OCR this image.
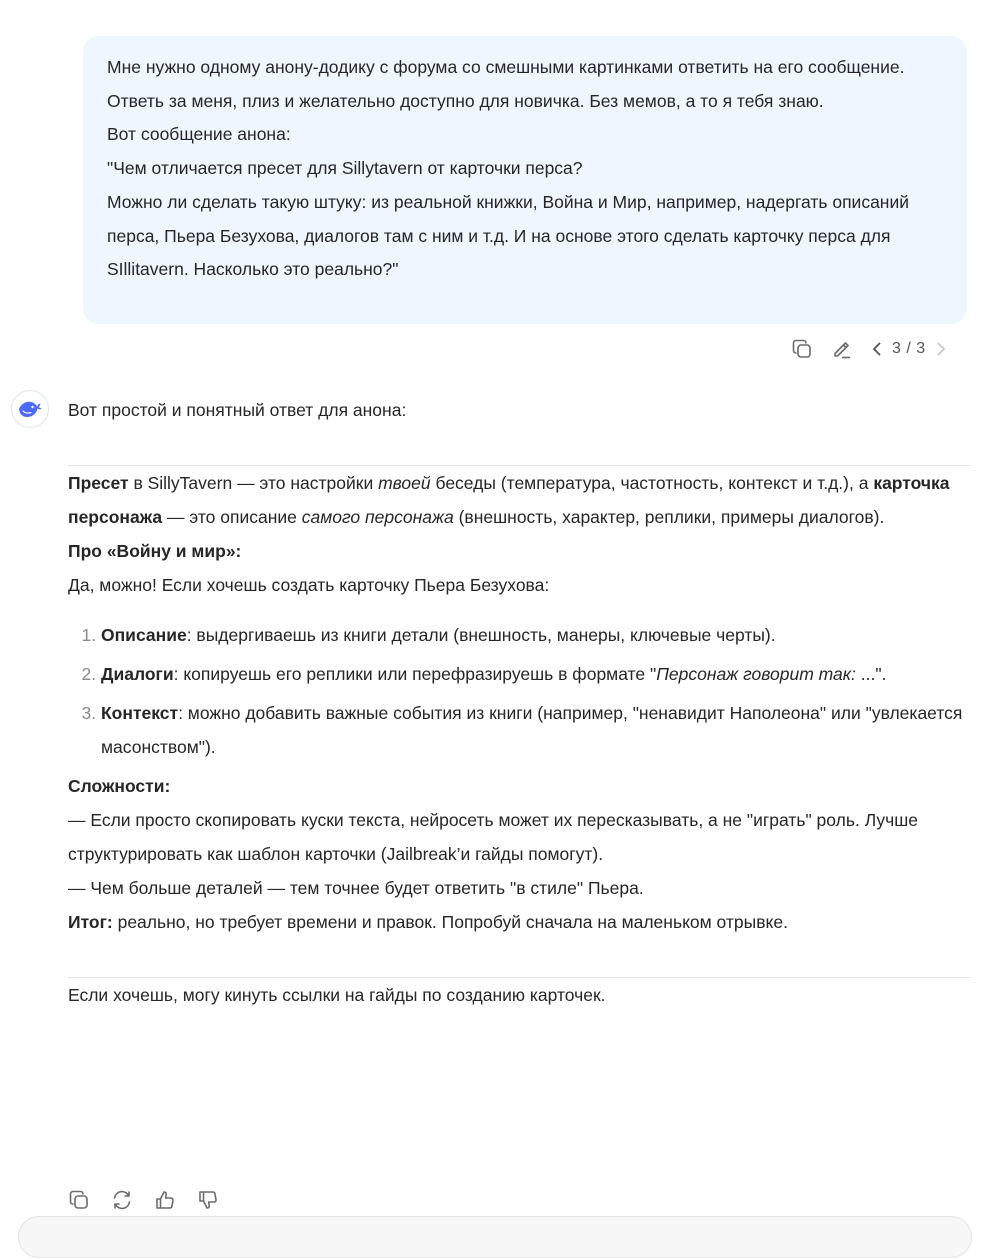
Мне нужно одному анону-додику с форума со смешными картинками ответить на его сообщение. Ответь за меня, плиз и желательно доступно для новичка. Без мемов, а то я тебя знаю.

Вот сообщение анона:

"Чем отличается пресет для Sillytavern от карточки перса?

Можно ли сделать такую штуку: из реальной книжки, Война и Мир, например, надергать описаний перса, Пьера Безухова, диалогов там с ним и т.д. И на основе этого сделать карточку перса для SIllitavern. Насколько это реально?"

3 / 3

Вот простой и понятный ответ для анона:

Пресет в SillyTavern — это настройки твоей беседы (температура, частотность, контекст и т.д.), а карточка персонажа — это описание самого персонажа (внешность, характер, реплики, примеры диалогов).

Про «Войну и мир»:

Да, можно! Если хочешь создать карточку Пьера Безухова:

1. Описание: выдергиваешь из книги детали (внешность, манеры, ключевые черты).
2. Диалоги: копируешь его реплики или перефразируешь в формате "Персонаж говорит так: ...".
3. Контекст: можно добавить важные события из книги (например, "ненавидит Наполеона" или "увлекается масонством").

Сложности:

— Если просто скопировать куски текста, нейросеть может их пересказывать, а не "играть" роль. Лучше структурировать как шаблон карточки (Jailbreak’и гайды помогут).

— Чем больше деталей — тем точнее будет ответить "в стиле" Пьера.

Итог: реально, но требует времени и правок. Попробуй сначала на маленьком отрывке.

Если хочешь, могу кинуть ссылки на гайды по созданию карточек.
